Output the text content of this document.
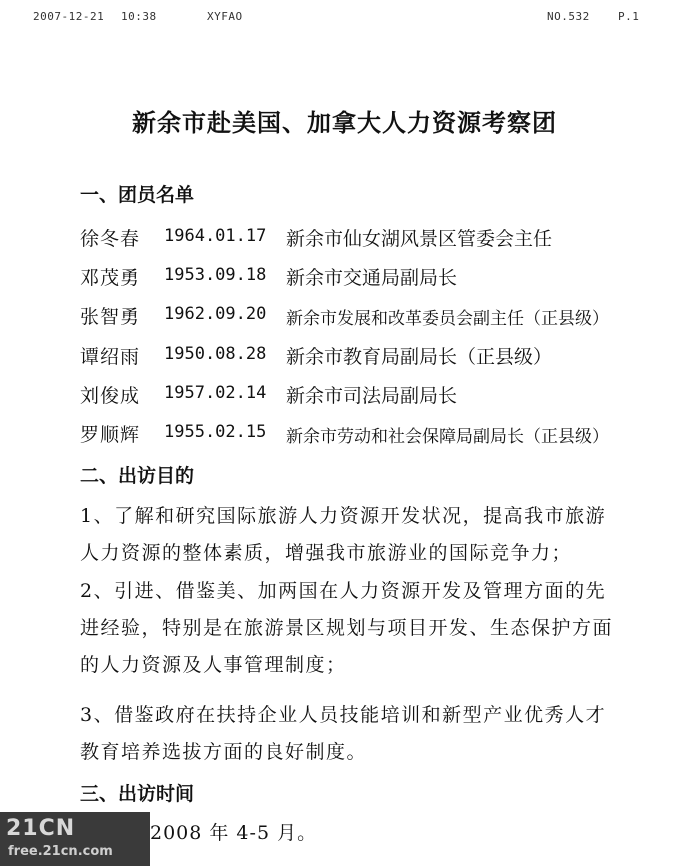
2007-12-21 10:38	XYFAO	NO.532	P.1
新余市赴美国、加拿大人力资源考察团
一、团员名单
徐冬春	1964.01.17 新余市仙女湖风景区管委会主任
邓茂勇	1953.09.18 新余市交通局副局长
张智勇	1962.09.20 新余市发展和改革委员会副主任（正县级）
谭绍雨	1950.08.28 新余市教育局副局长（正县级）
刘俊成	1957.02.14 新余市司法局副局长
罗顺辉	1955.02.15 新余市劳动和社会保障局副局长（正县级）
二、出访目的
1、了解和研究国际旅游人力资源开发状况，提高我市旅游
人力资源的整体素质，增强我市旅游业的国际竞争力；
2、引进、借鉴美、加两国在人力资源开发及管理方面的先
进经验，特别是在旅游景区规划与项目开发、生态保护方面
的人力资源及人事管理制度；
3、借鉴政府在扶持企业人员技能培训和新型产业优秀人才
教育培养选拔方面的良好制度。
三、出访时间
2008 年 4-5 月。
21CN
free.21cn.com
